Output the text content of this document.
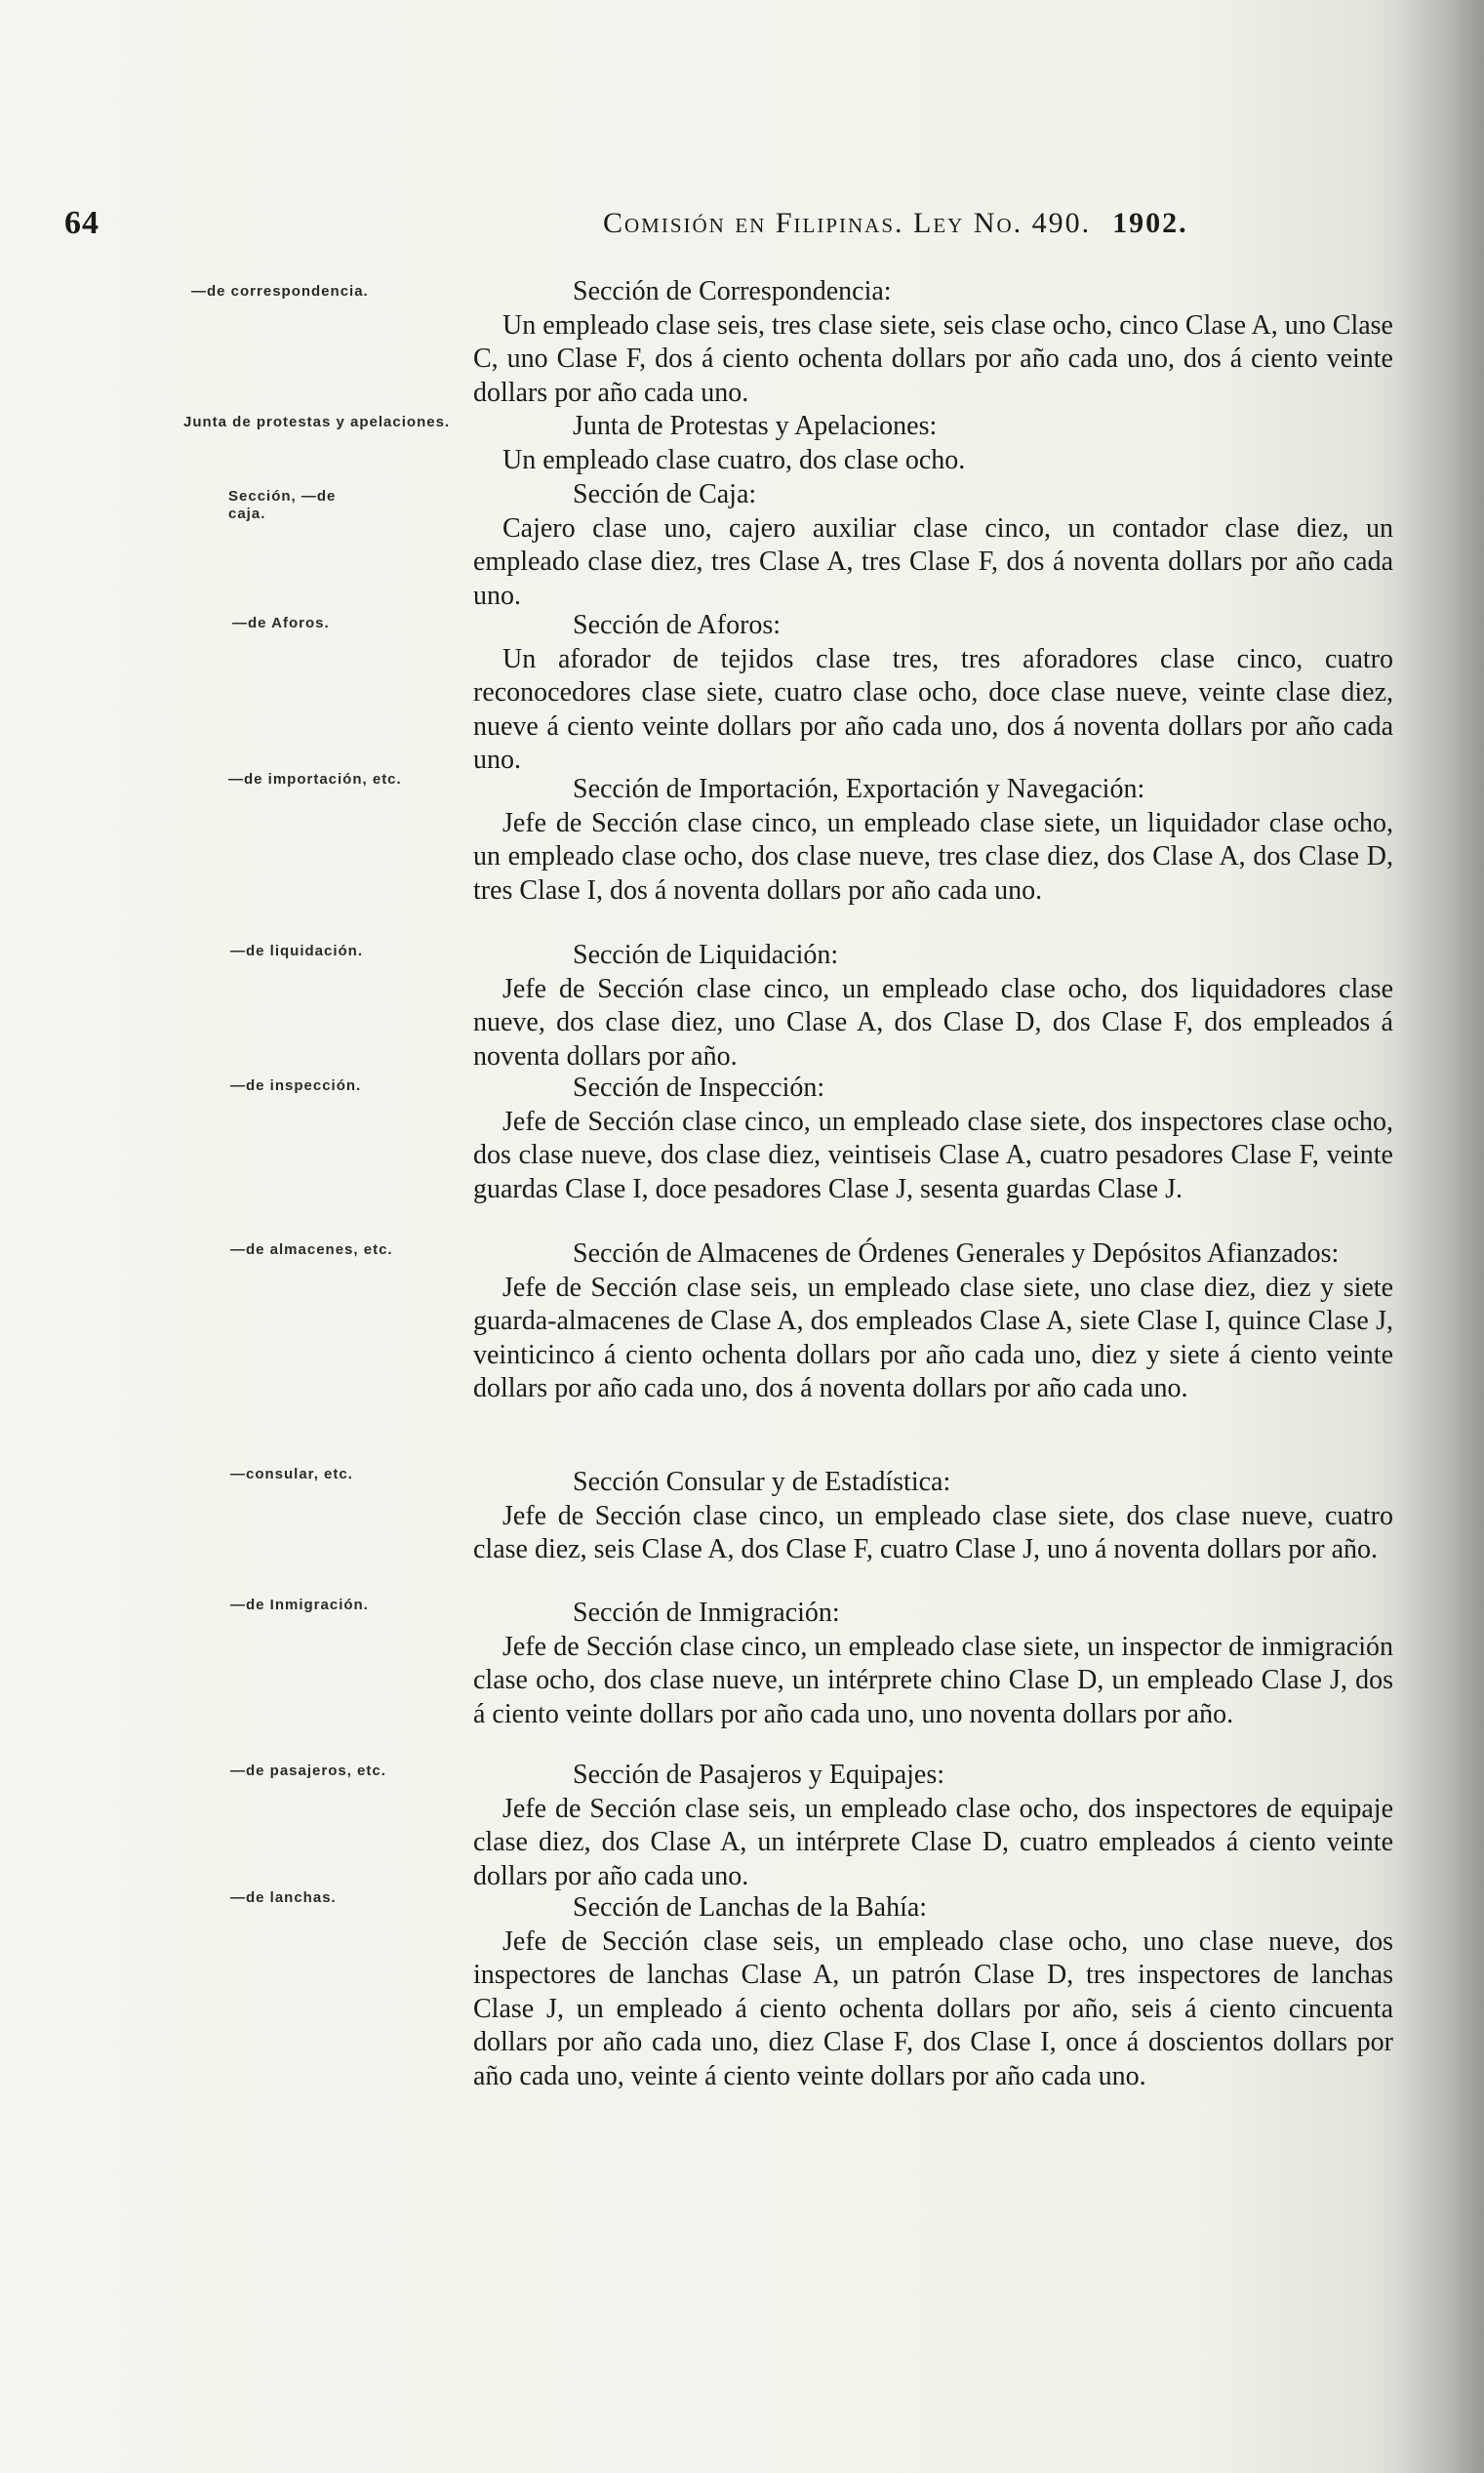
64	Comisión en Filipinas. Ley No. 490. 1902.
—de correspondencia.
Junta de protestas y apelaciones.
Sección, —de caja.
—de Aforos.
—de importación, etc.
—de liquidación.
—de inspección.
—de almacenes, etc.
—consular, etc.
—de Inmigración.
—de pasajeros, etc.
—de lanchas.

Sección de Correspondencia:

Un empleado clase seis, tres clase siete, seis clase ocho, cinco Clase A, uno Clase C, uno Clase F, dos á ciento ochenta dollars por año cada uno, dos á ciento veinte dollars por año cada uno.

Junta de Protestas y Apelaciones:

Un empleado clase cuatro, dos clase ocho.

Sección de Caja:

Cajero clase uno, cajero auxiliar clase cinco, un contador clase diez, un empleado clase diez, tres Clase A, tres Clase F, dos á noventa dollars por año cada uno.

Sección de Aforos:

Un aforador de tejidos clase tres, tres aforadores clase cinco, cuatro reconocedores clase siete, cuatro clase ocho, doce clase nueve, veinte clase diez, nueve á ciento veinte dollars por año cada uno, dos á noventa dollars por año cada uno.

Sección de Importación, Exportación y Navegación:

Jefe de Sección clase cinco, un empleado clase siete, un liquidador clase ocho, un empleado clase ocho, dos clase nueve, tres clase diez, dos Clase A, dos Clase D, tres Clase I, dos á noventa dollars por año cada uno.

Sección de Liquidación:

Jefe de Sección clase cinco, un empleado clase ocho, dos liquidadores clase nueve, dos clase diez, uno Clase A, dos Clase D, dos Clase F, dos empleados á noventa dollars por año.

Sección de Inspección:

Jefe de Sección clase cinco, un empleado clase siete, dos inspectores clase ocho, dos clase nueve, dos clase diez, veintiseis Clase A, cuatro pesadores Clase F, veinte guardas Clase I, doce pesadores Clase J, sesenta guardas Clase J.

Sección de Almacenes de Órdenes Generales y Depósitos Afianzados:

Jefe de Sección clase seis, un empleado clase siete, uno clase diez, diez y siete guarda-almacenes de Clase A, dos empleados Clase A, siete Clase I, quince Clase J, veinticinco á ciento ochenta dollars por año cada uno, diez y siete á ciento veinte dollars por año cada uno, dos á noventa dollars por año cada uno.

Sección Consular y de Estadística:

Jefe de Sección clase cinco, un empleado clase siete, dos clase nueve, cuatro clase diez, seis Clase A, dos Clase F, cuatro Clase J, uno á noventa dollars por año.

Sección de Inmigración:

Jefe de Sección clase cinco, un empleado clase siete, un inspector de inmigración clase ocho, dos clase nueve, un intérprete chino Clase D, un empleado Clase J, dos á ciento veinte dollars por año cada uno, uno noventa dollars por año.

Sección de Pasajeros y Equipajes:

Jefe de Sección clase seis, un empleado clase ocho, dos inspectores de equipaje clase diez, dos Clase A, un intérprete Clase D, cuatro empleados á ciento veinte dollars por año cada uno.

Sección de Lanchas de la Bahía:

Jefe de Sección clase seis, un empleado clase ocho, uno clase nueve, dos inspectores de lanchas Clase A, un patrón Clase D, tres inspectores de lanchas Clase J, un empleado á ciento ochenta dollars por año, seis á ciento cincuenta dollars por año cada uno, diez Clase F, dos Clase I, once á doscientos dollars por año cada uno, veinte á ciento veinte dollars por año cada uno.
